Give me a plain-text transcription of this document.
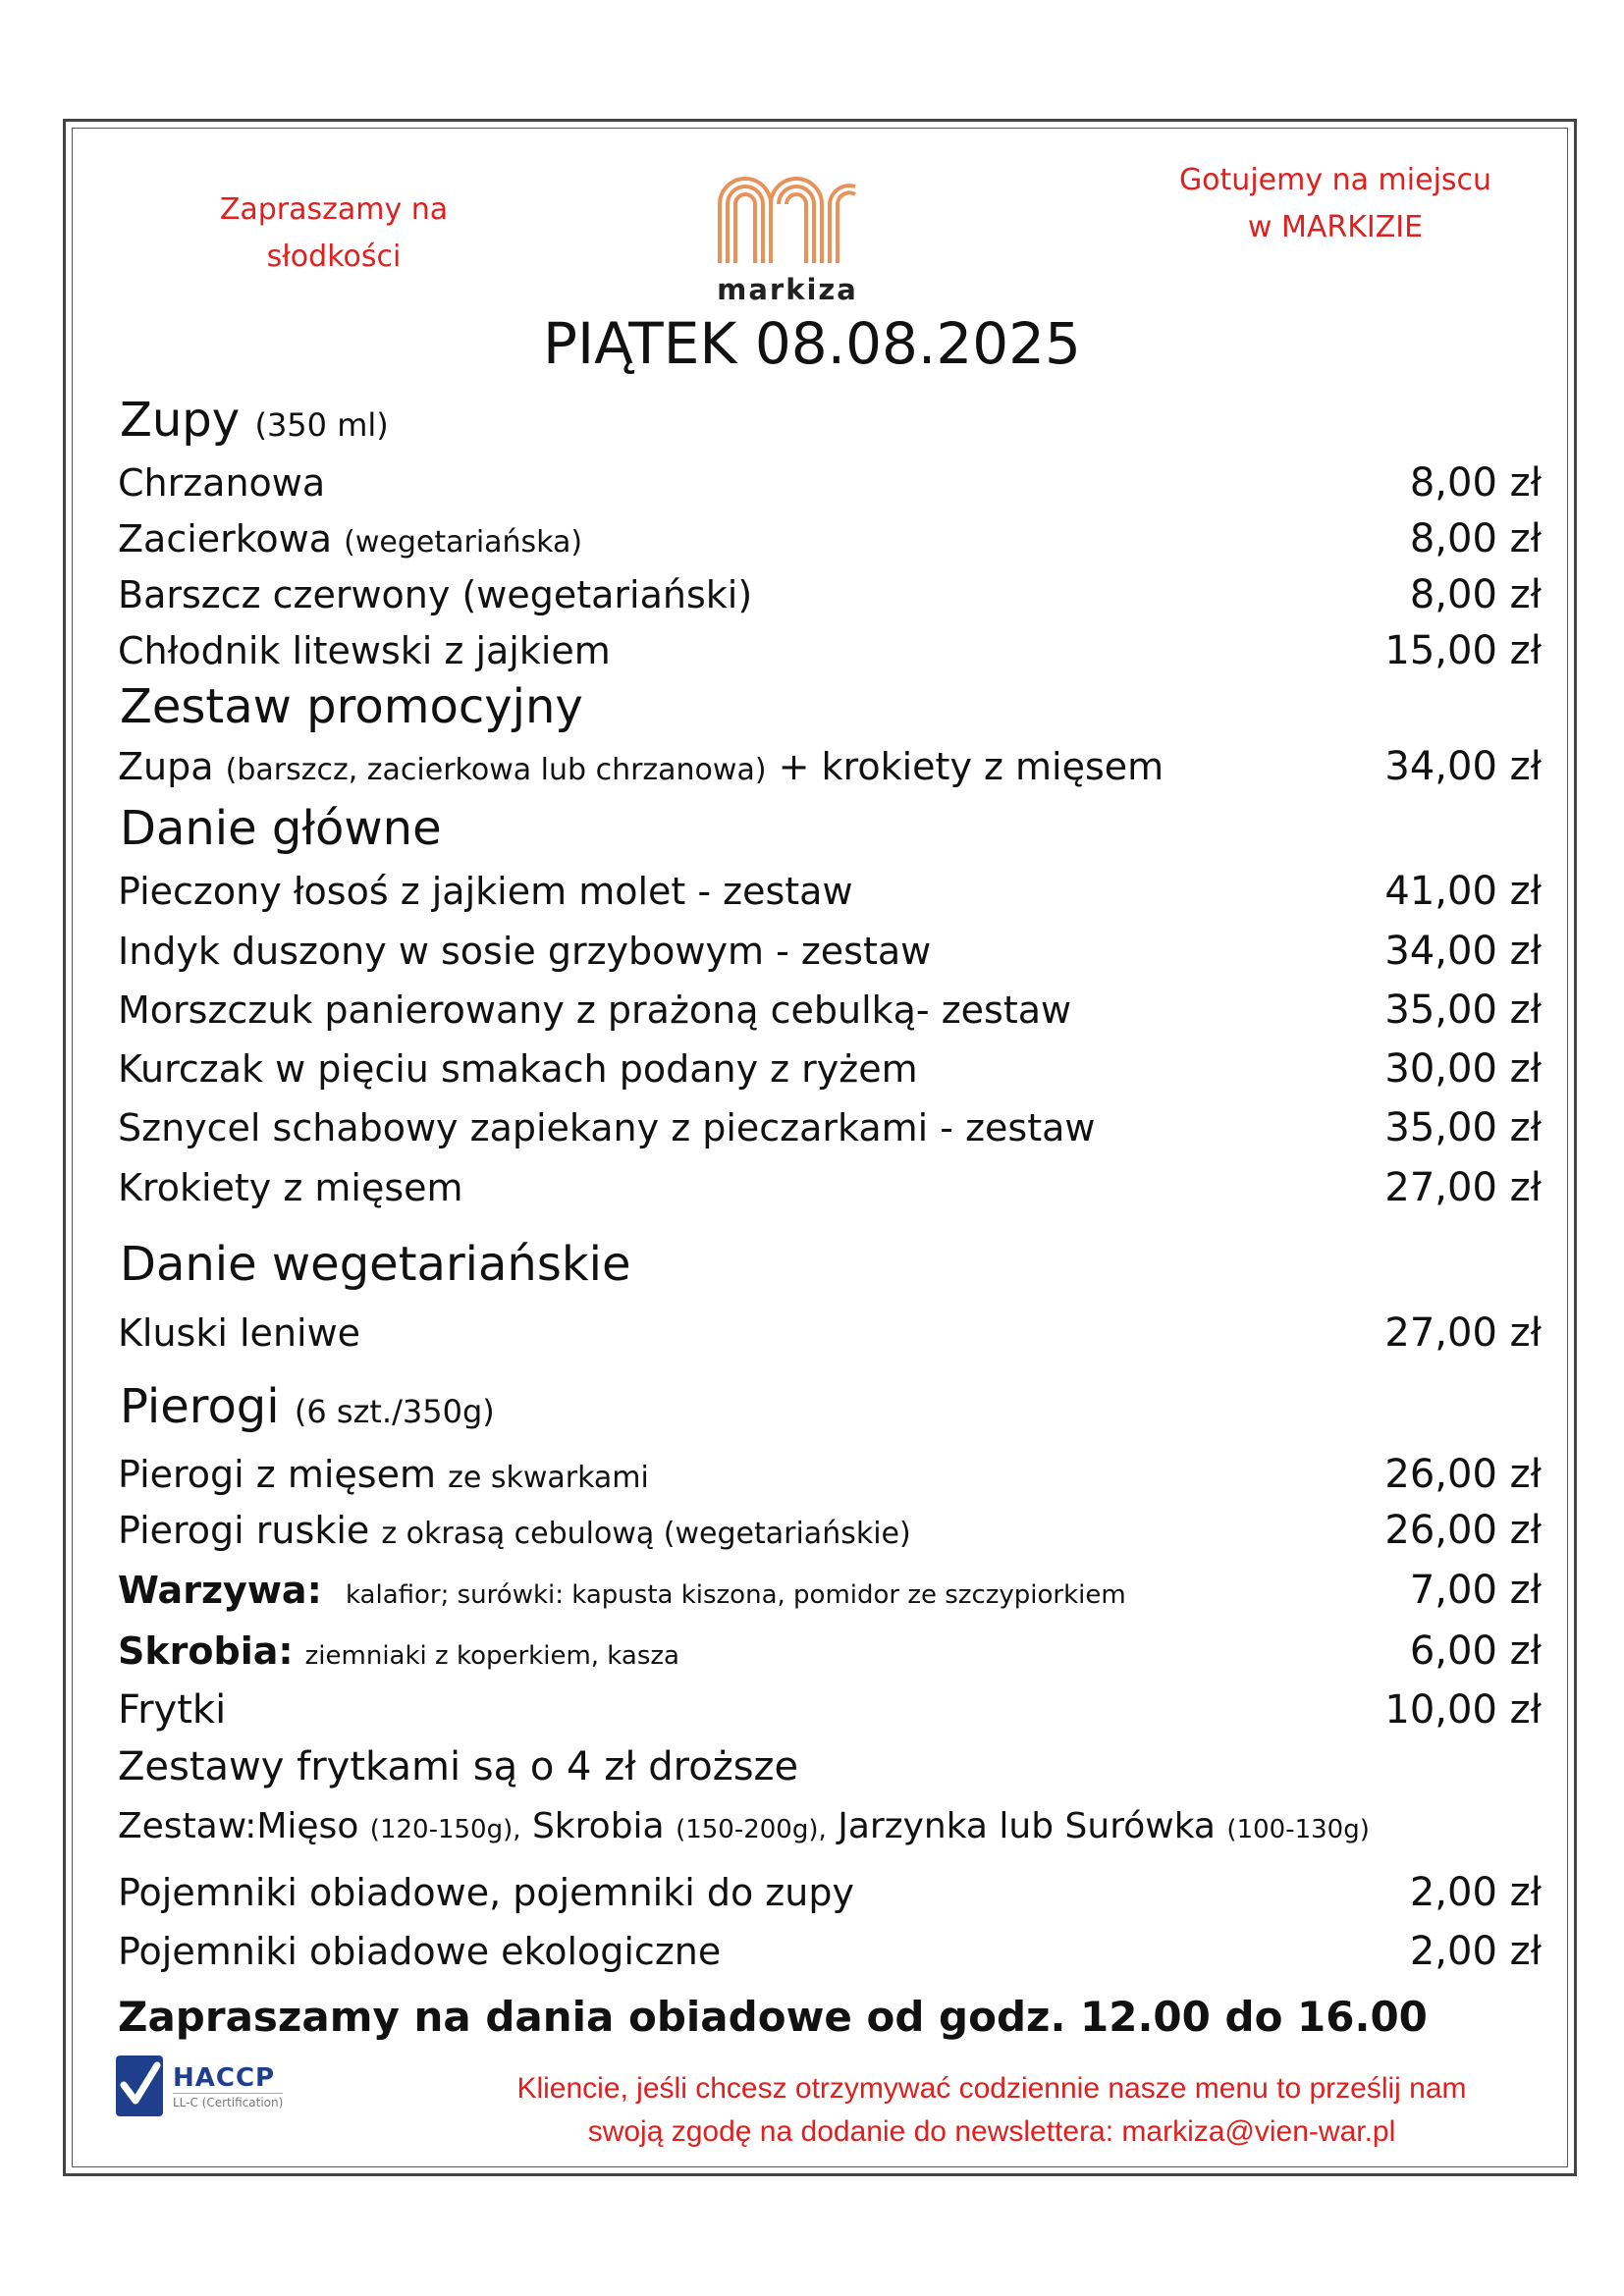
Zapraszamy na
słodkości
markiza
Gotujemy na miejscu
w MARKIZIE
PIĄTEK 08.08.2025
Zupy (350 ml)
Chrzanowa	8,00 zł
Zacierkowa (wegetariańska)	8,00 zł
Barszcz czerwony (wegetariański)	8,00 zł
Chłodnik litewski z jajkiem	15,00 zł
Zestaw promocyjny
Zupa (barszcz, zacierkowa lub chrzanowa) + krokiety z mięsem	34,00 zł
Danie główne
Pieczony łosoś z jajkiem molet - zestaw	41,00 zł
Indyk duszony w sosie grzybowym - zestaw	34,00 zł
Morszczuk panierowany z prażoną cebulką- zestaw	35,00 zł
Kurczak w pięciu smakach podany z ryżem	30,00 zł
Sznycel schabowy zapiekany z pieczarkami - zestaw	35,00 zł
Krokiety z mięsem	27,00 zł
Danie wegetariańskie
Kluski leniwe	27,00 zł
Pierogi (6 szt./350g)
Pierogi z mięsem ze skwarkami	26,00 zł
Pierogi ruskie z okrasą cebulową (wegetariańskie)	26,00 zł
Warzywa: kalafior; surówki: kapusta kiszona, pomidor ze szczypiorkiem	7,00 zł
Skrobia: ziemniaki z koperkiem, kasza	6,00 zł
Frytki	10,00 zł
Zestawy frytkami są o 4 zł droższe
Zestaw:Mięso (120-150g), Skrobia (150-200g), Jarzynka lub Surówka (100-130g)
Pojemniki obiadowe, pojemniki do zupy	2,00 zł
Pojemniki obiadowe ekologiczne	2,00 zł
Zapraszamy na dania obiadowe od godz. 12.00 do 16.00
HACCP
LL-C (Certification)	Kliencie, jeśli chcesz otrzymywać codziennie nasze menu to prześlij nam
swoją zgodę na dodanie do newslettera: markiza@vien-war.pl
